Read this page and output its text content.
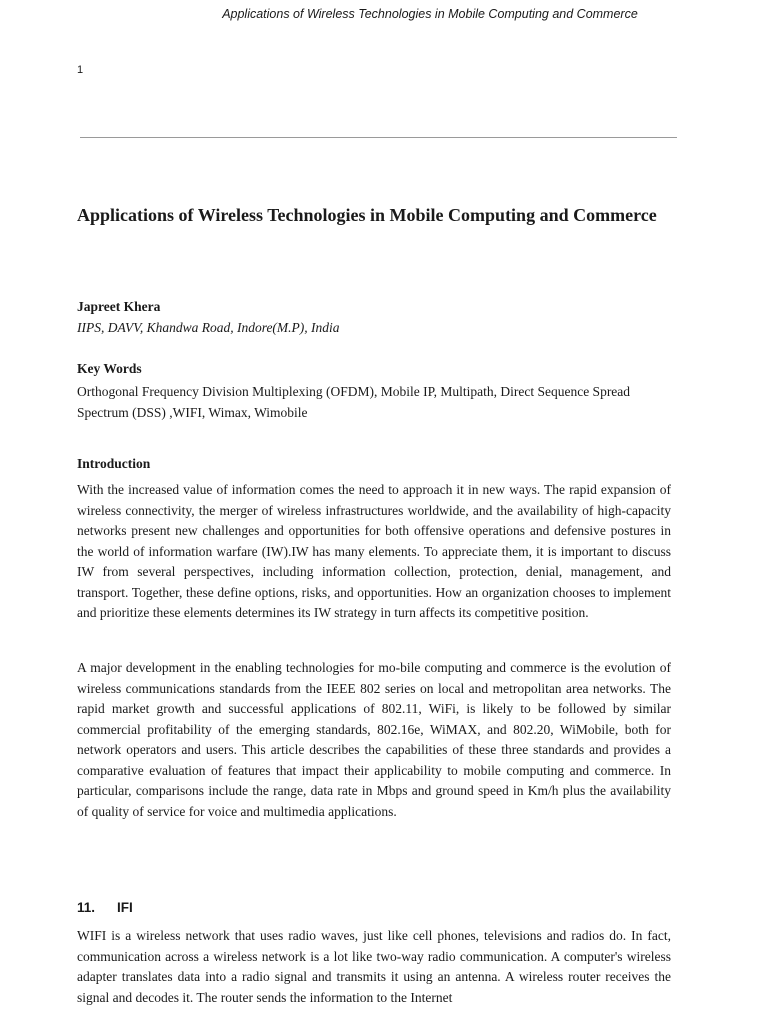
Applications of Wireless Technologies in Mobile Computing and Commerce
1
Applications of Wireless Technologies in Mobile Computing and Commerce
Japreet Khera
IIPS, DAVV, Khandwa Road, Indore(M.P), India
Key Words

Orthogonal Frequency Division Multiplexing (OFDM), Mobile IP, Multipath, Direct Sequence Spread Spectrum (DSS) ,WIFI, Wimax, Wimobile

Introduction

With the increased value of information comes the need to approach it in new ways. The rapid expansion of wireless connectivity, the merger of wireless infrastructures worldwide, and the availability of high-capacity networks present new challenges and opportunities for both offensive operations and defensive postures in the world of information warfare (IW).IW has many elements. To appreciate them, it is important to discuss IW from several perspectives, including information collection, protection, denial, management, and transport. Together, these define options, risks, and opportunities. How an organization chooses to implement and prioritize these elements determines its IW strategy in turn affects its competitive position.

A major development in the enabling technologies for mo-bile computing and commerce is the evolution of wireless communications standards from the IEEE 802 series on local and metropolitan area networks. The rapid market growth and successful applications of 802.11, WiFi, is likely to be followed by similar commercial profitability of the emerging standards, 802.16e, WiMAX, and 802.20, WiMobile, both for network operators and users. This article describes the capabilities of these three standards and provides a comparative evaluation of features that impact their applicability to mobile computing and commerce. In particular, comparisons include the range, data rate in Mbps and ground speed in Km/h plus the availability of quality of service for voice and multimedia applications.

11. IFI

WIFI is a wireless network that uses radio waves, just like cell phones, televisions and radios do. In fact, communication across a wireless network is a lot like two-way radio communication. A computer's wireless adapter translates data into a radio signal and transmits it using an antenna. A wireless router receives the signal and decodes it. The router sends the information to the Internet
